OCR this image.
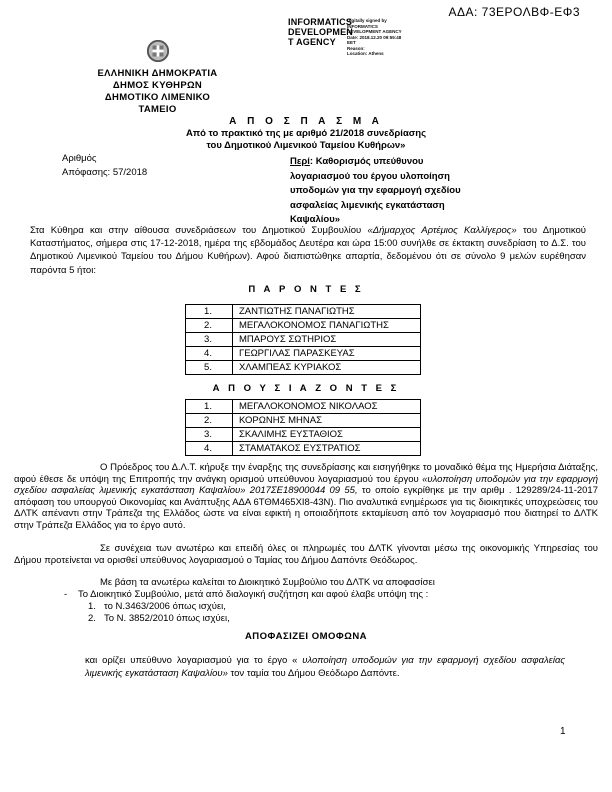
ΑΔΑ: 73ΕΡΟΛΒΦ-ΕΦ3
INFORMATICS
DEVELOPMEN
T AGENCY
Digitally signed by
INFORMATICS
DEVELOPMENT AGENCY
Date: 2018.12.20 09:55:48
EET
Reason:
Location: Athens
ΕΛΛΗΝΙΚΗ ΔΗΜΟΚΡΑΤΙΑ
ΔΗΜΟΣ ΚΥΘΗΡΩΝ
ΔΗΜΟΤΙΚΟ ΛΙΜΕΝΙΚΟ
ΤΑΜΕΙΟ
Α Π Ο Σ Π Α Σ Μ Α
Από το πρακτικό της με αριθμό 21/2018 συνεδρίασης
του Δημοτικού Λιμενικού Ταμείου Κυθήρων»
Αριθμός
Απόφασης: 57/2018
Περί: Καθορισμός υπεύθυνου λογαριασμού του έργου υλοποίηση υποδομών για την εφαρμογή σχεδίου ασφαλείας λιμενικής εγκατάσταση Καψαλίου»
Στα Κύθηρα και στην αίθουσα συνεδριάσεων του Δημοτικού Συμβουλίου «Δήμαρχος Αρτέμιος Καλλίγερος» του Δημοτικού Καταστήματος, σήμερα στις 17-12-2018, ημέρα της εβδομάδος Δευτέρα και ώρα 15:00 συνήλθε σε έκτακτη συνεδρίαση το Δ.Σ. του Δημοτικού Λιμενικού Ταμείου του Δήμου Κυθήρων). Αφού διαπιστώθηκε απαρτία, δεδομένου ότι σε σύνολο 9 μελών ευρέθησαν παρόντα 5 ήτοι:
Π Α Ρ Ο Ν Τ Ε Σ
1.	ΖΑΝΤΙΩΤΗΣ ΠΑΝΑΓΙΩΤΗΣ
2.	ΜΕΓΑΛΟΚΟΝΟΜΟΣ ΠΑΝΑΓΙΩΤΗΣ
3.	ΜΠΑΡΟΥΣ ΣΩΤΗΡΙΟΣ
4.	ΓΕΩΡΓΙΛΑΣ ΠΑΡΑΣΚΕΥΑΣ
5.	ΧΛΑΜΠΕΑΣ ΚΥΡΙΑΚΟΣ
Α Π Ο Υ Σ Ι Α Ζ Ο Ν Τ Ε Σ
1.	ΜΕΓΑΛΟΚΟΝΟΜΟΣ ΝΙΚΟΛΑΟΣ
2.	ΚΟΡΩΝΗΣ ΜΗΝΑΣ
3.	ΣΚΑΛΙΜΗΣ ΕΥΣΤΑΘΙΟΣ
4.	ΣΤΑΜΑΤΑΚΟΣ ΕΥΣΤΡΑΤΙΟΣ
Ο Πρόεδρος του Δ.Λ.Τ. κήρυξε την έναρξης της συνεδρίασης και εισηγήθηκε το μοναδικό θέμα της Ημερήσια Διάταξης, αφού έθεσε δε υπόψη της Επιτροπής την ανάγκη ορισμού υπεύθυνου λογαριασμού του έργου «υλοποίηση υποδομών για την εφαρμογή σχεδίου ασφαλείας λιμενικής εγκατάσταση Καψαλίου» 2017ΣΕ18900044 09 55, το οποίο εγκρίθηκε με την αριθμ . 129289/24-11-2017 απόφαση του υπουργού Οικονομίας και Ανάπτυξης ΑΔΑ 6ΤΘΜ465ΧΙ8-43Ν). Πιο αναλυτικά ενημέρωσε για τις διοικητικές υποχρεώσεις του ΔΛΤΚ απέναντι στην Τράπεζα της Ελλάδος ώστε να είναι εφικτή η οποιαδήποτε εκταμίευση από τον λογαριασμό που διατηρεί το ΔΛΤΚ στην Τράπεζα Ελλάδος για το έργο αυτό.
Σε συνέχεια των ανωτέρω και επειδή όλες οι πληρωμές του ΔΛΤΚ γίνονται μέσω της οικονομικής Υπηρεσίας του Δήμου προτείνεται να ορισθεί υπεύθυνος λογαριασμού ο Ταμίας του Δήμου Δαπόντε Θεόδωρος.
Με βάση τα ανωτέρω καλείται το Διοικητικό Συμβούλιο του ΔΛΤΚ να αποφασίσει
- Το Διοικητικό Συμβούλιο, μετά από διαλογική συζήτηση και αφού έλαβε υπόψη της :
1. το Ν.3463/2006 όπως ισχύει,
2. Το Ν. 3852/2010 όπως ισχύει,
ΑΠΟΦΑΣΙΖΕΙ ΟΜΟΦΩΝΑ
και ορίζει υπεύθυνο λογαριασμού για το έργο « υλοποίηση υποδομών για την εφαρμογή σχεδίου ασφαλείας λιμενικής εγκατάσταση Καψαλίου» τον ταμία του Δήμου Θεόδωρο Δαπόντε.
1
